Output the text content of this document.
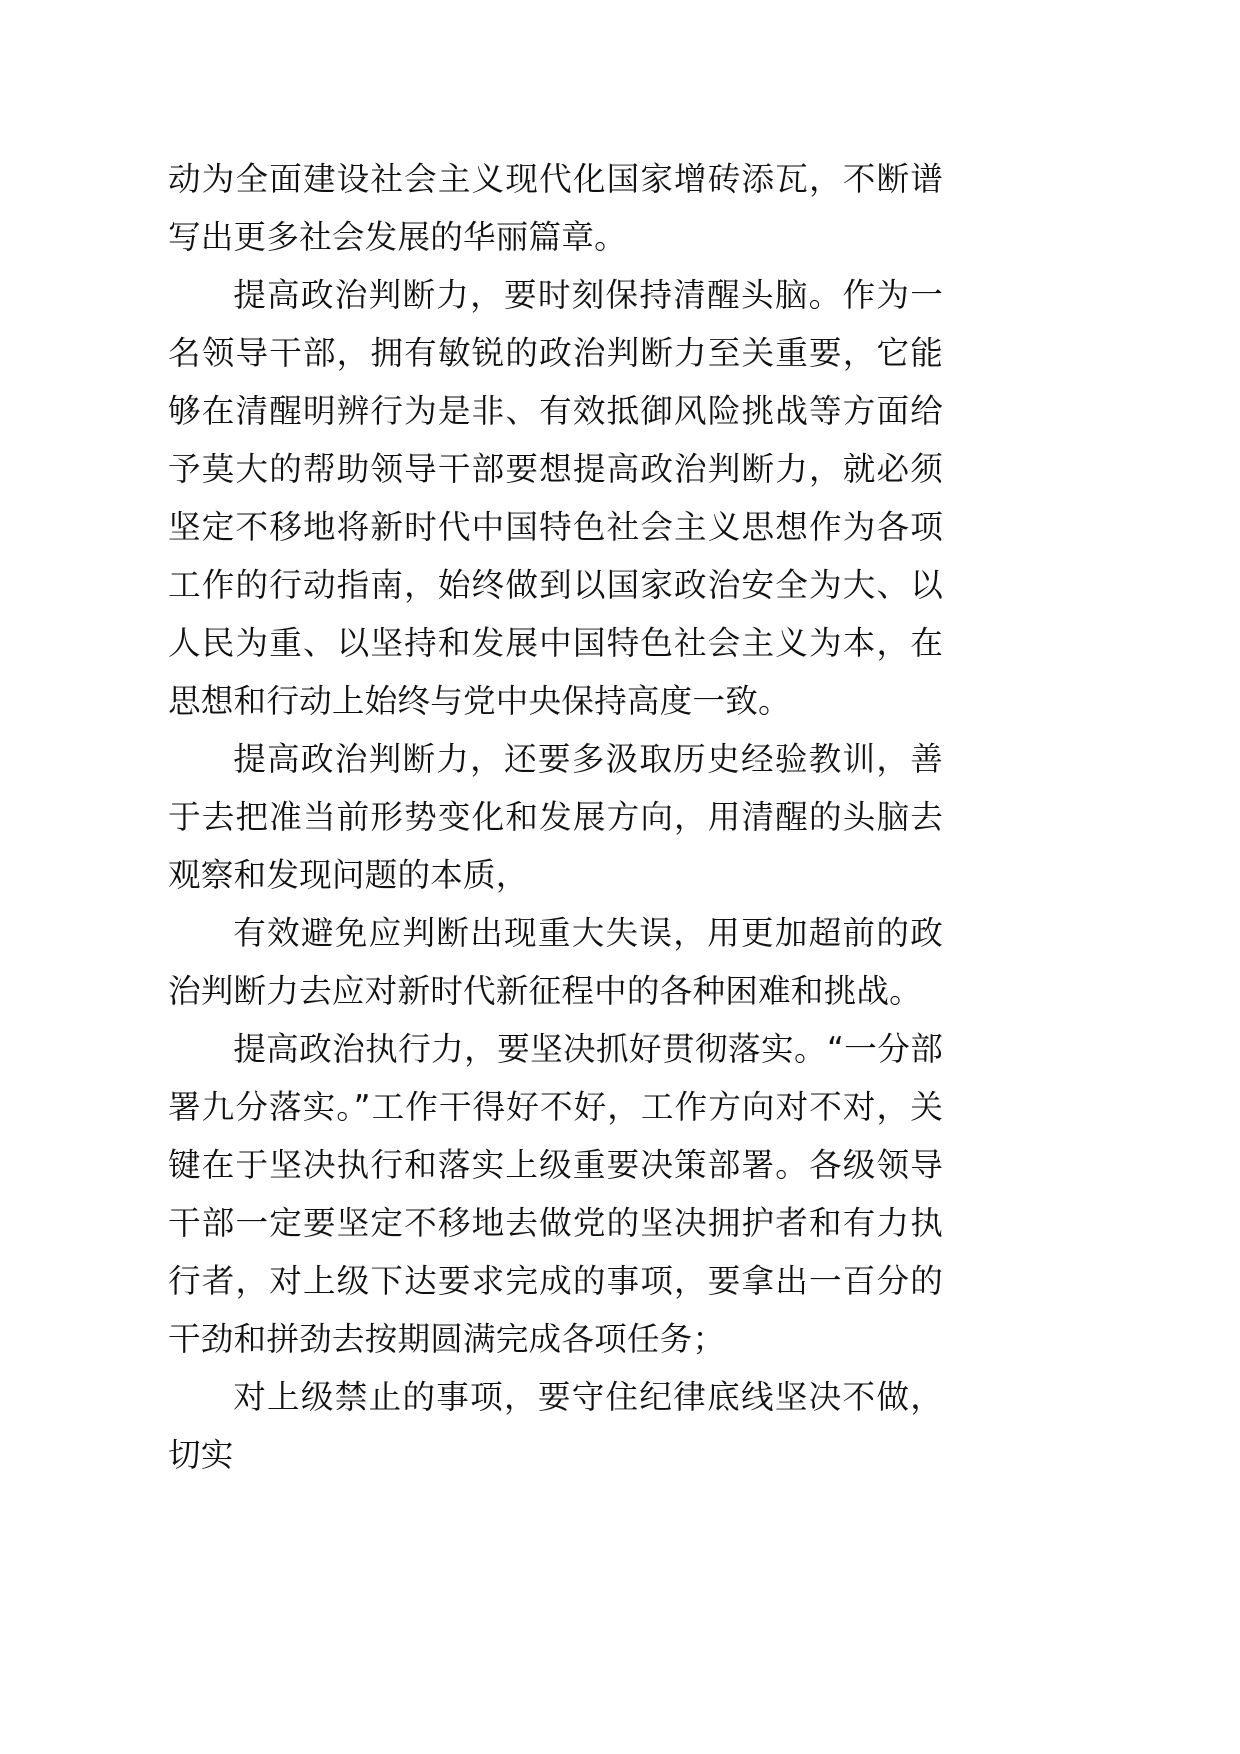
动为全面建设社会主义现代化国家增砖添瓦，不断谱写出更多社会发展的华丽篇章。

提高政治判断力，要时刻保持清醒头脑。作为一名领导干部，拥有敏锐的政治判断力至关重要，它能够在清醒明辨行为是非、有效抵御风险挑战等方面给予莫大的帮助领导干部要想提高政治判断力，就必须坚定不移地将新时代中国特色社会主义思想作为各项工作的行动指南，始终做到以国家政治安全为大、以人民为重、以坚持和发展中国特色社会主义为本，在思想和行动上始终与党中央保持高度一致。

提高政治判断力，还要多汲取历史经验教训，善于去把准当前形势变化和发展方向，用清醒的头脑去观察和发现问题的本质，

有效避免应判断出现重大失误，用更加超前的政治判断力去应对新时代新征程中的各种困难和挑战。

提高政治执行力，要坚决抓好贯彻落实。“一分部署九分落实。”工作干得好不好，工作方向对不对，关键在于坚决执行和落实上级重要决策部署。各级领导干部一定要坚定不移地去做党的坚决拥护者和有力执行者，对上级下达要求完成的事项，要拿出一百分的干劲和拼劲去按期圆满完成各项任务；

对上级禁止的事项，要守住纪律底线坚决不做，切实
